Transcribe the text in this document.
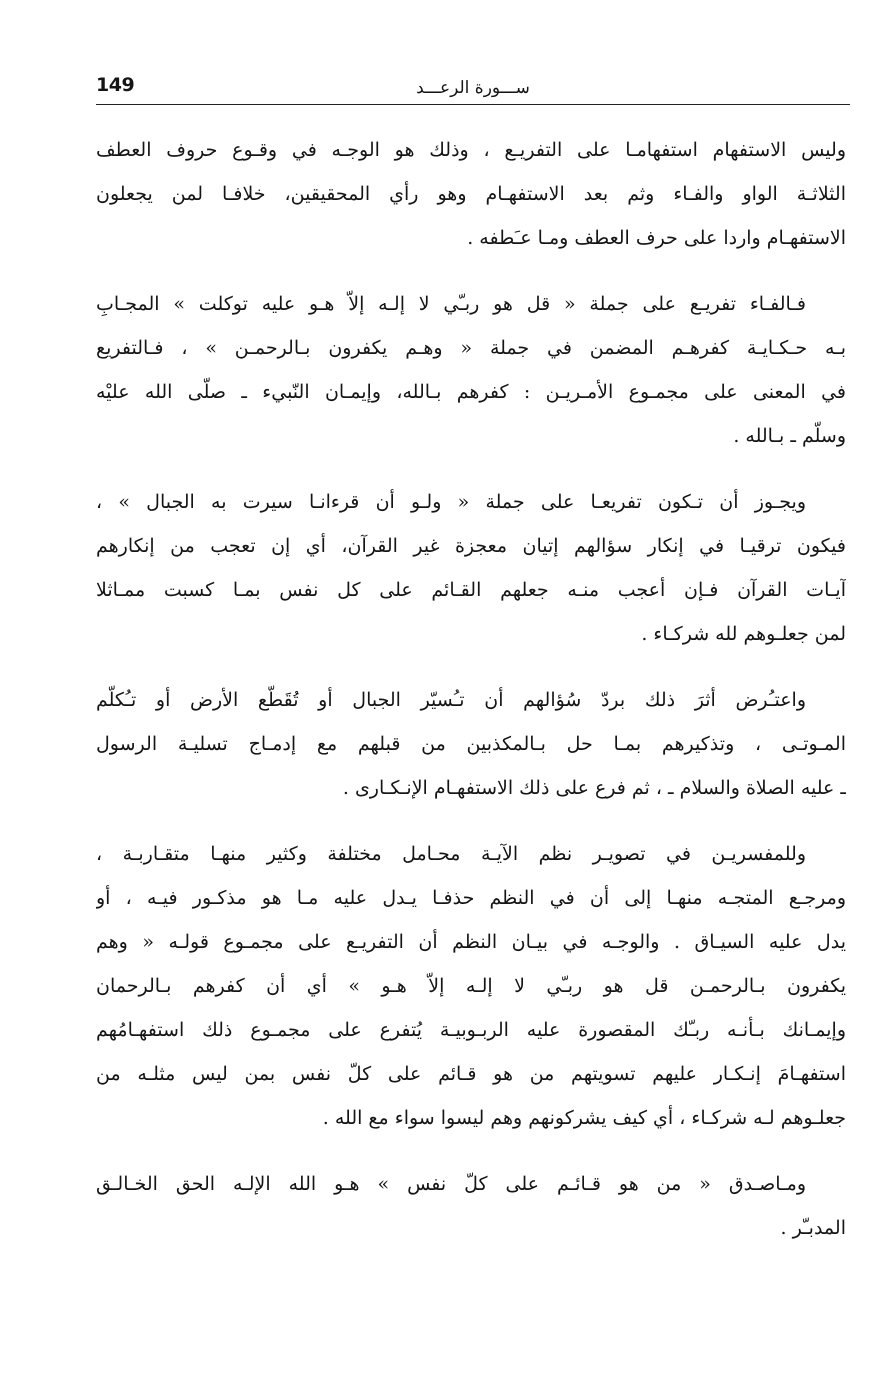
149	ســـورة الرعـــد
وليس الاستفهام استفهامـا على التفريـع ، وذلك هو الوجـه في وقـوع حروف العطف
الثلاثـة الواو والفـاء وثم بعد الاستفهـام وهو رأي المحقيقين، خلافـا لمن يجعلون
الاستفهـام واردا على حرف العطف ومـا عـَطفه .
فـالفـاء تفريـع على جملة « قل هو ربـّي لا إلـه إلاّ هـو عليه توكلت » المجـابِ
بـه حـكـايـة كفرهـم المضمن في جملة « وهـم يكفرون بـالرحمـن » ، فـالتفريع
في المعنى على مجمـوع الأمـريـن : كفرهم بـالله، وإيمـان النّبيء ـ صلّى الله عليْه
وسلّم ـ بـالله .
ويجـوز أن تـكون تفريعـا على جملة « ولـو أن قرءانـا سيرت به الجبال » ،
فيكون ترقيـا في إنكار سؤالهم إتيان معجزة غير القرآن، أي إن تعجب من إنكارهم
آيـات القرآن فـإن أعجب منـه جعلهم القـائم على كل نفس بمـا كسبت ممـاثلا
لمن جعلـوهم لله شركـاء .
واعتـُرض أثرَ ذلك بردّ سُؤالهم أن تـُسيّر الجبال أو تُقَطّع الأرض أو تـُكلّم
المـوتـى ، وتذكيرهم بمـا حل بـالمكذبين من قبلهم مع إدمـاج تسليـة الرسول
ـ عليه الصلاة والسلام ـ ، ثم فرع على ذلك الاستفهـام الإنـكـارى .
وللمفسريـن في تصويـر نظم الآيـة محـامل مختلفة وكثير منهـا متقـاربـة ،
ومرجـع المتجـه منهـا إلى أن في النظم حذفـا يـدل عليه مـا هو مذكـور فيـه ، أو
يدل عليه السيـاق . والوجـه في بيـان النظم أن التفريـع على مجمـوع قولـه « وهم
يكفرون بـالرحمـن قل هو ربـّي لا إلـه إلاّ هـو » أي أن كفرهم بـالرحمان
وإيمـانك بـأنـه ربـّك المقصورة عليه الربـوبيـة يُتفرع على مجمـوع ذلك استفهـامُهم
استفهـامَ إنـكـار عليهم تسويتهم من هو قـائم على كلّ نفس بمن ليس مثلـه من
جعلـوهم لـه شركـاء ، أي كيف يشركونهم وهم ليسوا سواء مع الله .
ومـاصـدق « من هو قـائـم على كلّ نفس » هـو الله الإلـه الحق الخـالـق
المدبـّر .
